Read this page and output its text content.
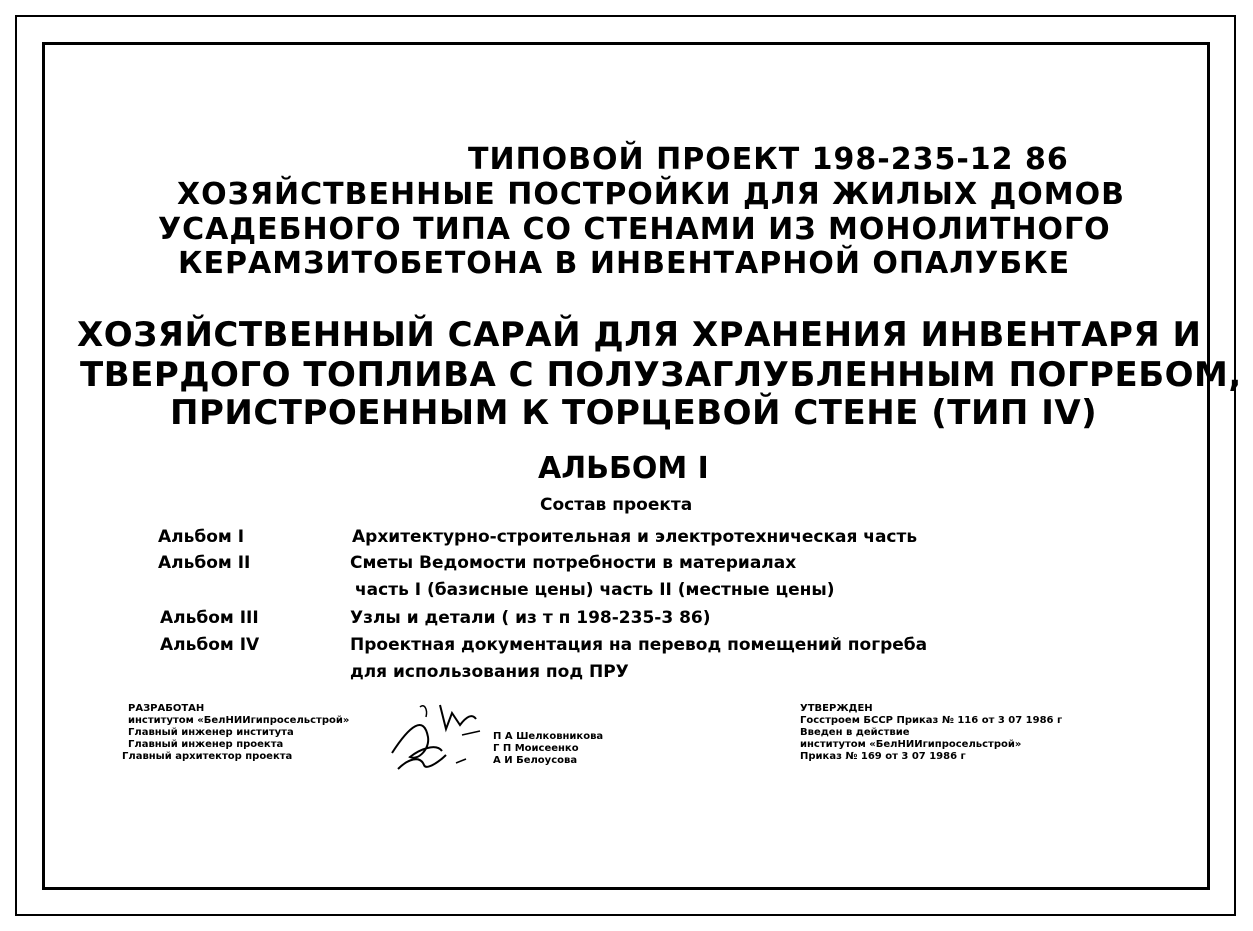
ТИПОВОЙ ПРОЕКТ 198-235-12 86
ХОЗЯЙСТВЕННЫЕ ПОСТРОЙКИ ДЛЯ ЖИЛЫХ ДОМОВ
УСАДЕБНОГО ТИПА СО СТЕНАМИ ИЗ МОНОЛИТНОГО
КЕРАМЗИТОБЕТОНА В ИНВЕНТАРНОЙ ОПАЛУБКЕ
ХОЗЯЙСТВЕННЫЙ САРАЙ ДЛЯ ХРАНЕНИЯ ИНВЕНТАРЯ И
ТВЕРДОГО ТОПЛИВА С ПОЛУЗАГЛУБЛЕННЫМ ПОГРЕБОМ,
ПРИСТРОЕННЫМ К ТОРЦЕВОЙ СТЕНЕ (ТИП IV)
АЛЬБОМ I
Состав проекта
Альбом I	Архитектурно-строительная и электротехническая часть
Альбом II	Сметы Ведомости потребности в материалах
часть I (базисные цены) часть II (местные цены)
Альбом III	Узлы и детали ( из т п 198-235-3 86)
Альбом IV	Проектная документация на перевод помещений погреба
для использования под ПРУ
РАЗРАБОТАН
институтом «БелНИИгипросельстрой»
Главный инженер института
Главный инженер проекта
Главный архитектор проекта
П А Шелковникова
Г П Моисеенко
А И Белоусова
УТВЕРЖДЕН
Госстроем БССР Приказ № 116 от 3 07 1986 г
Введен в действие
институтом «БелНИИгипросельстрой»
Приказ № 169 от 3 07 1986 г
